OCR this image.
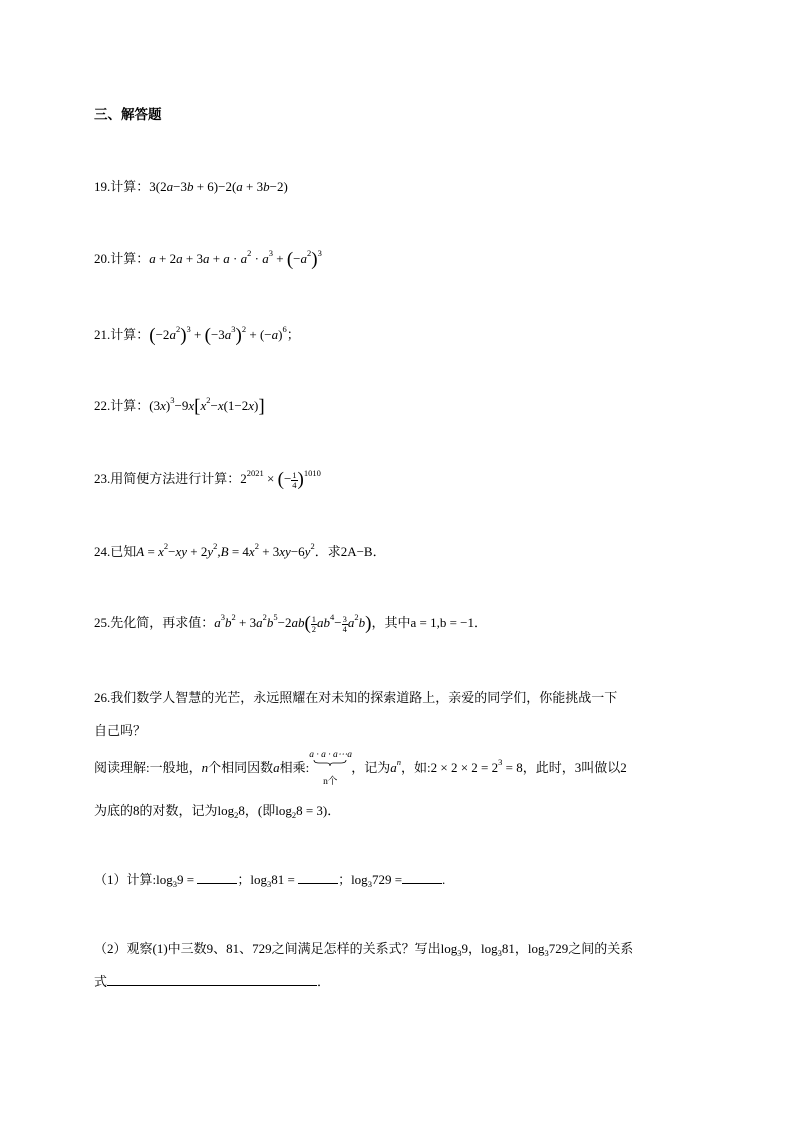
三、解答题
19.计算：3(2a−3b + 6)−2(a + 3b−2)
20.计算：$a + 2a + 3a + a \cdot a^2 \cdot a^3 + (-a^2)^3$
21.计算：$(-2a^2)^3 + (-3a^3)^2 + (-a)^6$；
22.计算：$(3x)^3-9x[x^2-x(1-2x)]$
23.用简便方法进行计算：$2^{2021}$ × (− $\frac{1}{4} )^{1010}$
24.已知$A = x^2-xy + 2y^2,B = 4x^2 + 3xy-6y^2$．求2A−B．
25.先化简，再求值：$a^3b^2 + 3a^2b^5-2ab( \frac{1}{2} ab^4- \frac{3}{4} a^2b)$，其中a = 1,b = −1．
26.我们数学人智慧的光芒，永远照耀在对未知的探索道路上，亲爱的同学们，你能挑战一下
自己吗？
阅读理解:一般地，n个相同因数a相乘:
a · a · a⋯a
n个
，记为$a^n$，如:2 × $2 \times 2 = 2^3 = 8$，此时，3叫做以2
为底的8的对数，记为$\log_28$，(即$\log_28 = 3$)．
（1）计算$:\log_39$ =	；$\log_381$ =	；$\log_3729$ =	.
（2）观察(1)中三数9、81、729之间满足怎样的关系式？写出$\log_39$，$\log_381$，$\log_3729$之间的关系
式	．
